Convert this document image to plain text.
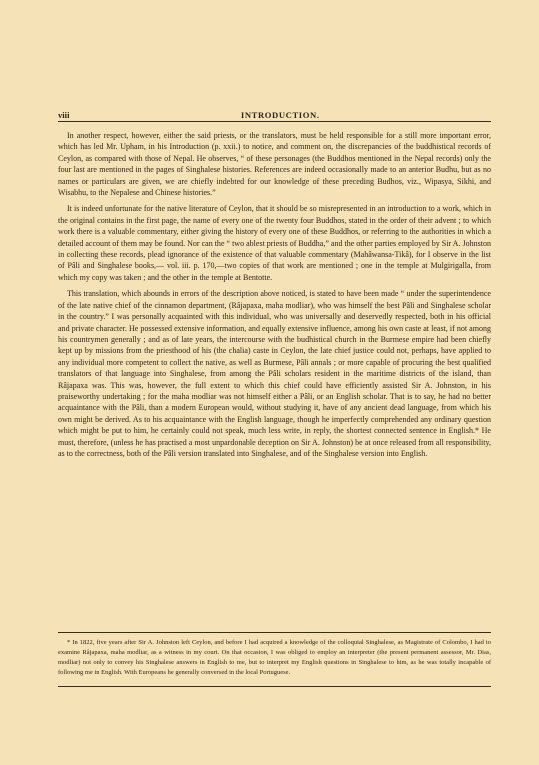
viii	INTRODUCTION.

In another respect, however, either the said priests, or the translators, must be held responsible for a still more important error, which has led Mr. Upham, in his Introduction (p. xxii.) to notice, and comment on, the discrepancies of the buddhistical records of Ceylon, as compared with those of Nepal. He observes, “ of these personages (the Buddhos mentioned in the Nepal records) only the four last are mentioned in the pages of Singhalese histories. References are indeed occasionally made to an anterior Budhu, but as no names or particulars are given, we are chiefly indebted for our knowledge of these preceding Budhos, viz., Wipasya, Sikhi, and Wisabhu, to the Nepalese and Chinese histories.”

It is indeed unfortunate for the native literature of Ceylon, that it should be so misrepresented in an introduction to a work, which in the original contains in the first page, the name of every one of the twenty four Buddhos, stated in the order of their advent ; to which work there is a valuable commentary, either giving the history of every one of these Buddhos, or referring to the authorities in which a detailed account of them may be found. Nor can the “ two ablest priests of Buddha,” and the other parties employed by Sir A. Johnston in collecting these records, plead ignorance of the existence of that valuable commentary (Mahâwansa-Tikâ), for I observe in the list of Pâli and Singhalese books,— vol. iii. p. 170,—two copies of that work are mentioned ; one in the temple at Mulgirigalla, from which my copy was taken ; and the other in the temple at Bentotte.

This translation, which abounds in errors of the description above noticed, is stated to have been made “ under the superintendence of the late native chief of the cinnamon department, (Râjapaxa, maha modliar), who was himself the best Pâli and Singhalese scholar in the country.” I was personally acquainted with this individual, who was universally and deservedly respected, both in his official and private character. He possessed extensive information, and equally extensive influence, among his own caste at least, if not among his countrymen generally ; and as of late years, the intercourse with the budhistical church in the Burmese empire had been chiefly kept up by missions from the priesthood of his (the chalia) caste in Ceylon, the late chief justice could not, perhaps, have applied to any individual more competent to collect the native, as well as Burmese, Pâli annals ; or more capable of procuring the best qualified translators of that language into Singhalese, from among the Pâli scholars resident in the maritime districts of the island, than Râjapaxa was. This was, however, the full extent to which this chief could have efficiently assisted Sir A. Johnston, in his praiseworthy undertaking ; for the maha modliar was not himself either a Pâli, or an English scholar. That is to say, he had no better acquaintance with the Pâli, than a modern European would, without studying it, have of any ancient dead language, from which his own might be derived. As to his acquaintance with the English language, though he imperfectly comprehended any ordinary question which might be put to him, he certainly could not speak, much less write, in reply, the shortest connected sentence in English.* He must, therefore, (unless he has practised a most unpardonable deception on Sir A. Johnston) be at once released from all responsibility, as to the correctness, both of the Pâli version translated into Singhalese, and of the Singhalese version into English.

* In 1822, five years after Sir A. Johnston left Ceylon, and before I had acquired a knowledge of the colloquial Singhalese, as Magistrate of Colombo, I had to examine Râjapaxa, maha modliar, as a witness in my court. On that occasion, I was obliged to employ an interpreter (the present permanent assessor, Mr. Dias, modliar) not only to convey his Singhalese answers in English to me, but to interpret my English questions in Singhalese to him, as he was totally incapable of following me in English. With Europeans he generally conversed in the local Portuguese.
